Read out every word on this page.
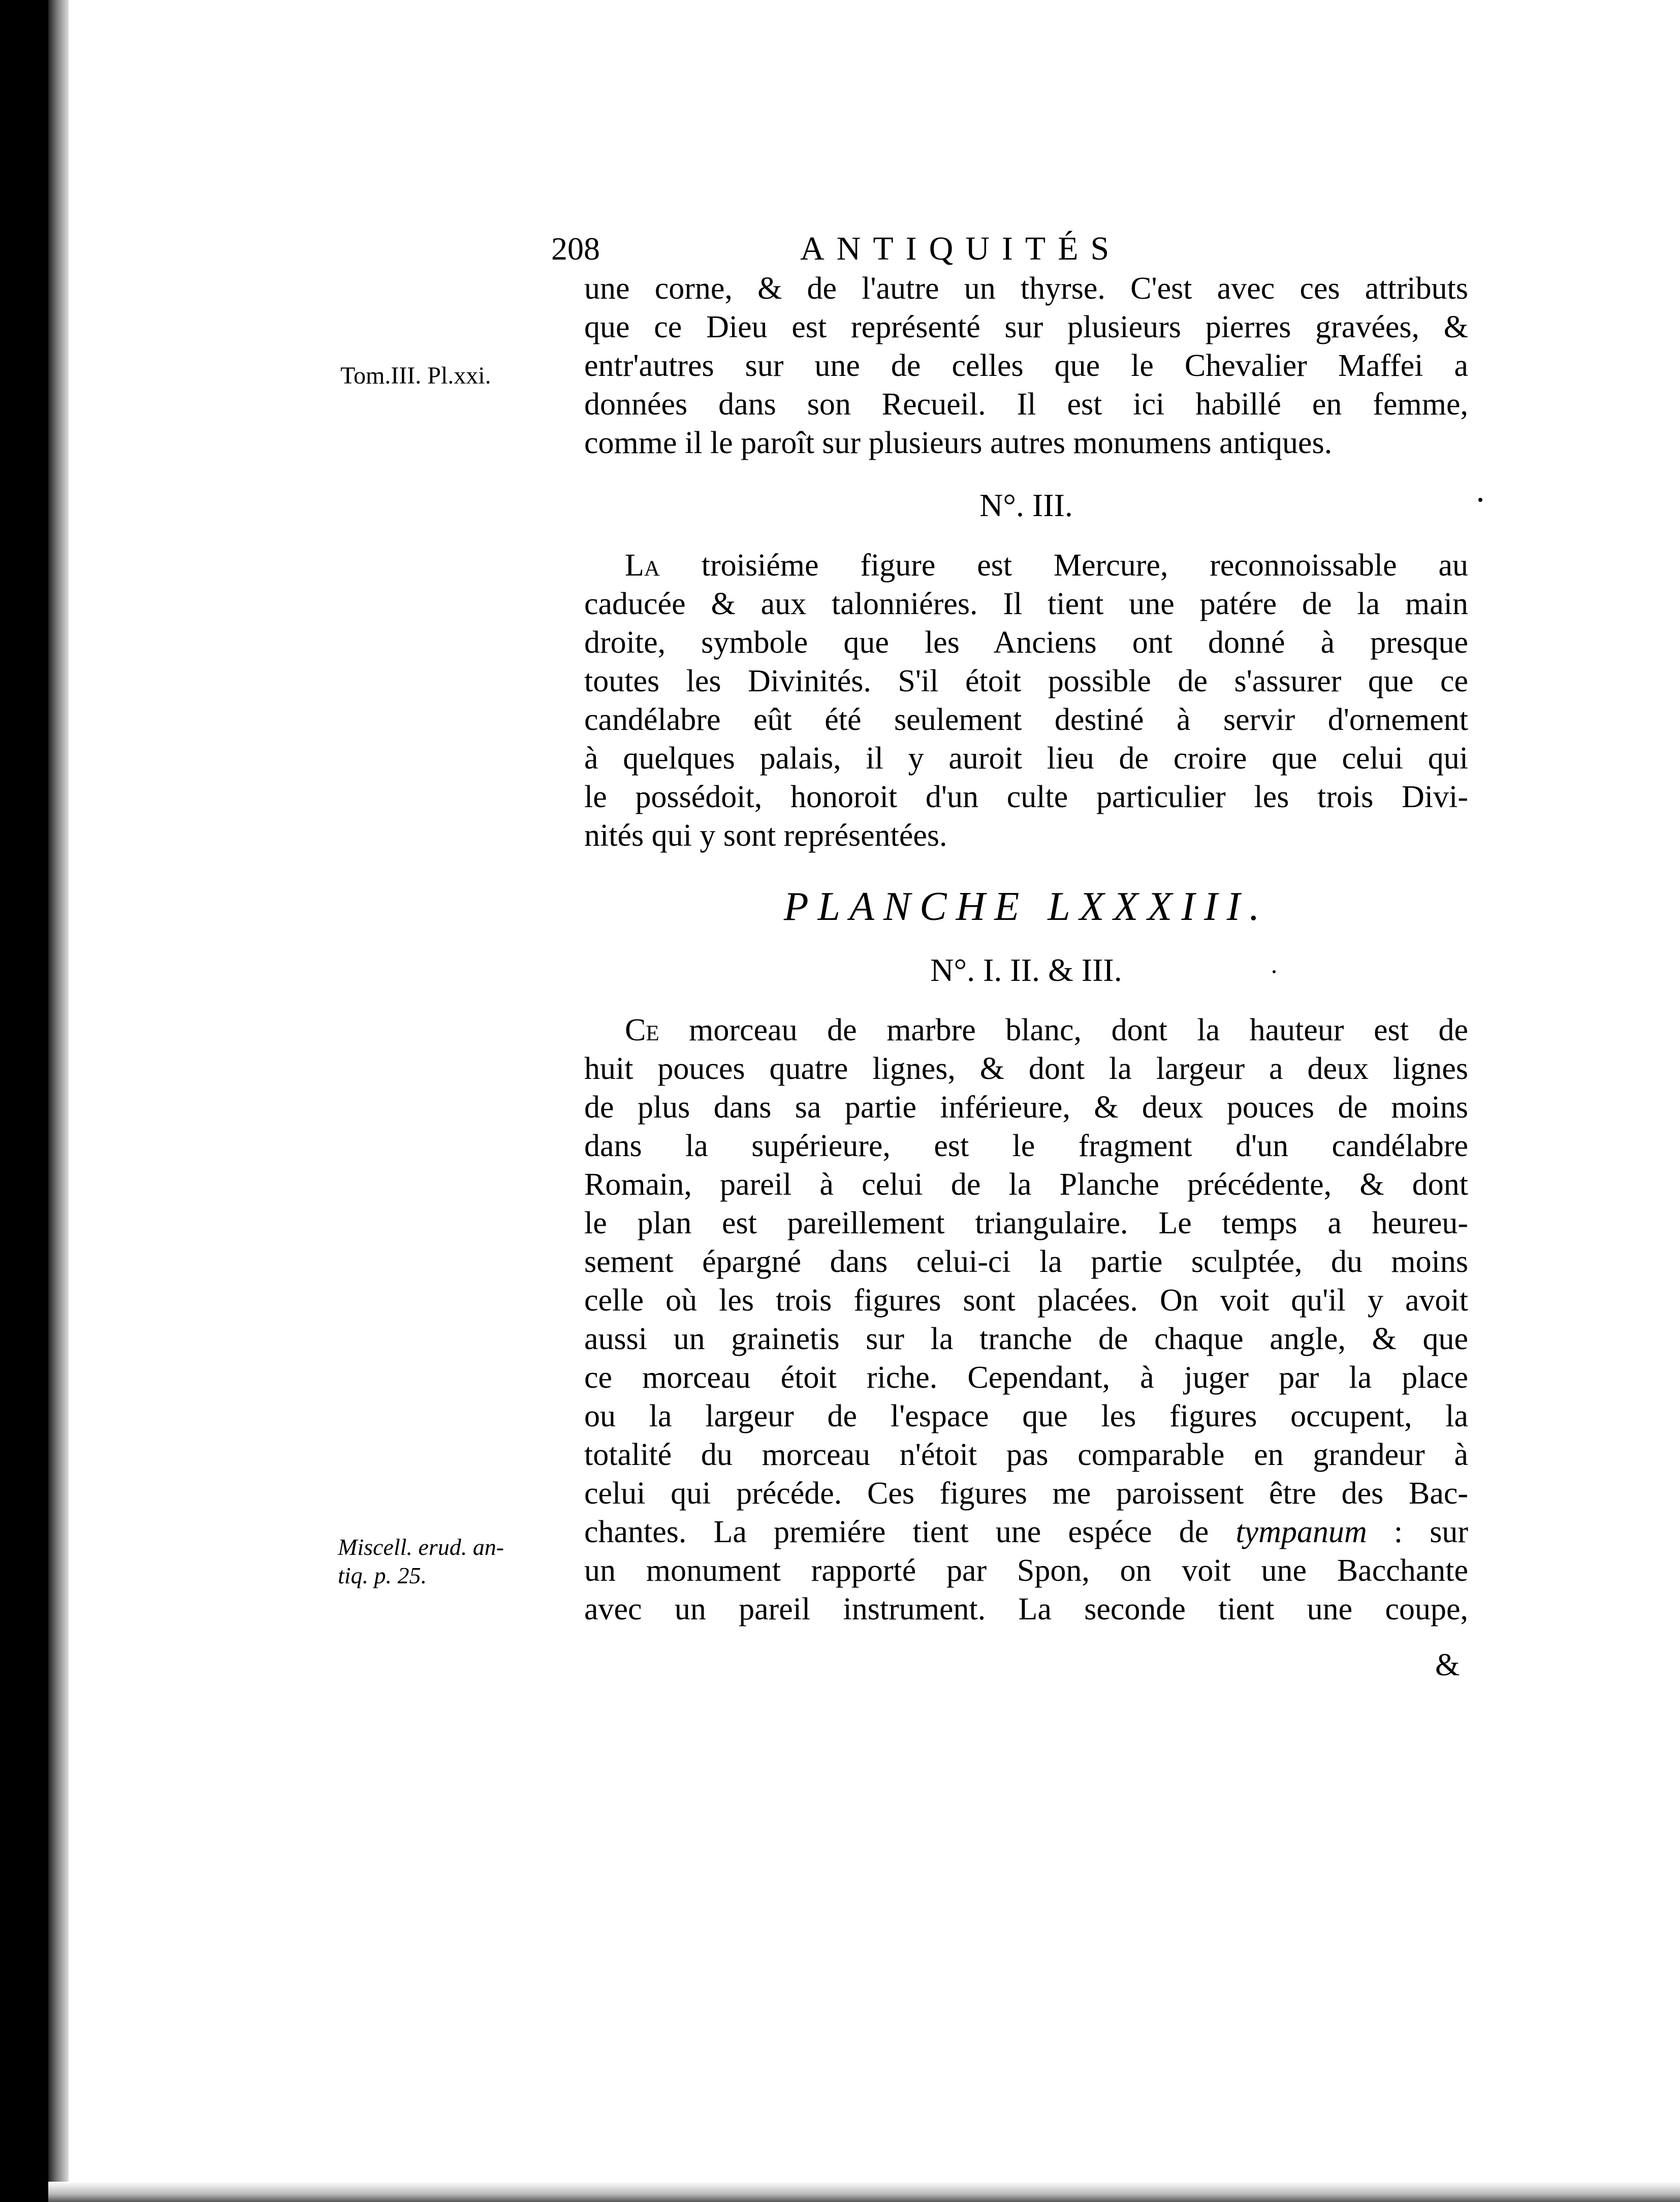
208	ANTIQUITÉS
Tom.III. Pl.xxi.
une corne, & de l'autre un thyrse. C'est avec ces attributs
que ce Dieu est représenté sur plusieurs pierres gravées, &
entr'autres sur une de celles que le Chevalier Maffei a
données dans son Recueil. Il est ici habillé en femme,
comme il le paroît sur plusieurs autres monumens antiques.
N°. III.
La troisiéme figure est Mercure, reconnoissable au
caducée & aux talonniéres. Il tient une patére de la main
droite, symbole que les Anciens ont donné à presque
toutes les Divinités. S'il étoit possible de s'assurer que ce
candélabre eût été seulement destiné à servir d'ornement
à quelques palais, il y auroit lieu de croire que celui qui
le possédoit, honoroit d'un culte particulier les trois Divi-
nités qui y sont représentées.
PLANCHE LXXXIII.
N°. I. II. & III.
Ce morceau de marbre blanc, dont la hauteur est de
huit pouces quatre lignes, & dont la largeur a deux lignes
de plus dans sa partie inférieure, & deux pouces de moins
dans la supérieure, est le fragment d'un candélabre
Romain, pareil à celui de la Planche précédente, & dont
le plan est pareillement triangulaire. Le temps a heureu-
sement épargné dans celui-ci la partie sculptée, du moins
celle où les trois figures sont placées. On voit qu'il y avoit
aussi un grainetis sur la tranche de chaque angle, & que
ce morceau étoit riche. Cependant, à juger par la place
ou la largeur de l'espace que les figures occupent, la
totalité du morceau n'étoit pas comparable en grandeur à
celui qui précéde. Ces figures me paroissent être des Bac-
chantes. La premiére tient une espéce de tympanum : sur
un monument rapporté par Spon, on voit une Bacchante
avec un pareil instrument. La seconde tient une coupe,
Miscell. erud. an-
tiq. p. 25.
&
